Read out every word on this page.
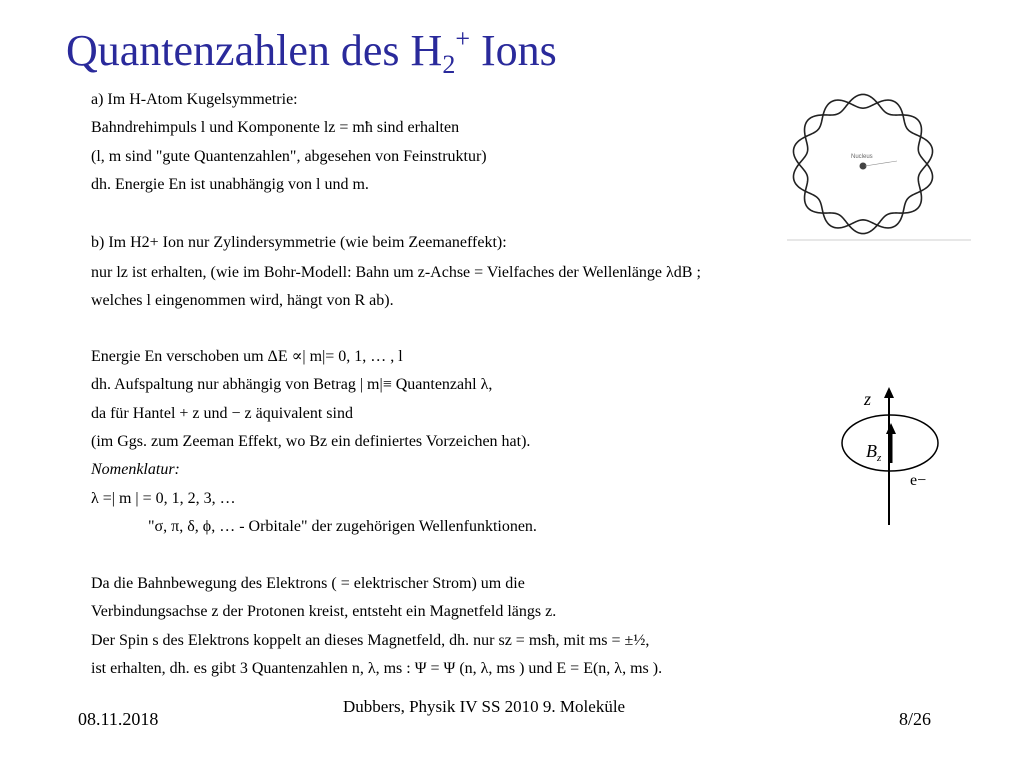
Quantenzahlen des $H_2^+$ Ions
a) Im H-Atom Kugelsymmetrie:
Bahndrehimpuls l und Komponente lz = mħ sind erhalten
(l, m sind "gute Quantenzahlen", abgesehen von Feinstruktur)
dh. Energie En ist unabhängig von l und m.
b) Im H2+ Ion nur Zylindersymmetrie (wie beim Zeemaneffekt):
nur lz ist erhalten, (wie im Bohr-Modell: Bahn um z-Achse = Vielfaches der Wellenlänge λdB ;
welches l eingenommen wird, hängt von R ab).
Energie En verschoben um ΔE ∝| m|= 0, 1, … , l
dh. Aufspaltung nur abhängig von Betrag | m|≡ Quantenzahl λ,
da für Hantel + z und − z äquivalent sind
(im Ggs. zum Zeeman Effekt, wo Bz ein definiertes Vorzeichen hat).
Nomenklatur:
λ =| m | = 0, 1, 2, 3, …
"σ, π, δ, ϕ, … - Orbitale" der zugehörigen Wellenfunktionen.
Da die Bahnbewegung des Elektrons ( = elektrischer Strom) um die
Verbindungsachse z der Protonen kreist, entsteht ein Magnetfeld längs z.
Der Spin s des Elektrons koppelt an dieses Magnetfeld, dh. nur sz = msħ, mit ms = ±½,
ist erhalten, dh. es gibt 3 Quantenzahlen n, λ, ms : Ψ = Ψ (n, λ, ms ) und E = E(n, λ, ms ).
Nucleus
z
$B_z$
e−
08.11.2018
Dubbers, Physik IV SS 2010 9. Moleküle
8/26
